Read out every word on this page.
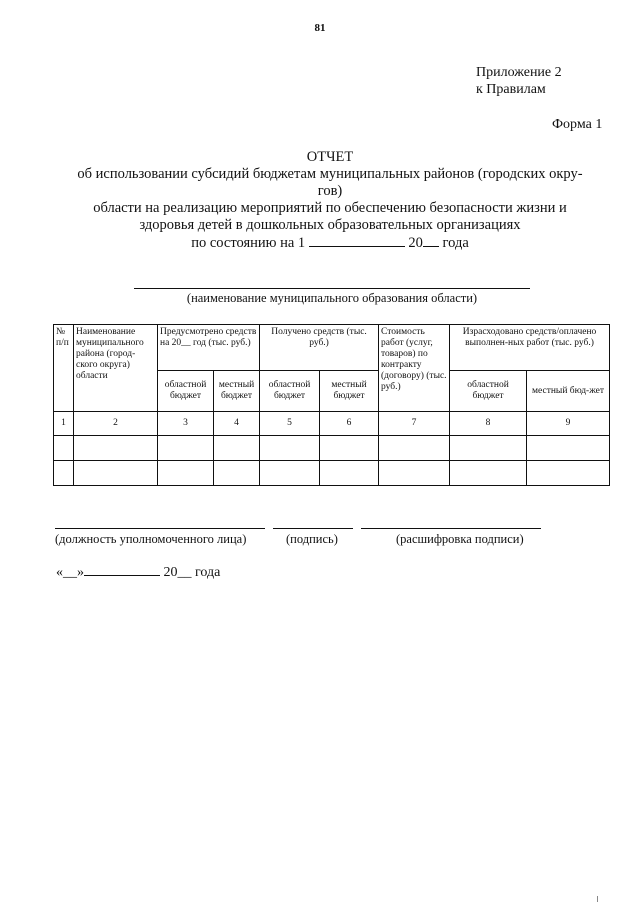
81
Приложение 2
к Правилам
Форма 1
ОТЧЕТ
об использовании субсидий бюджетам муниципальных районов (городских окру-
гов)
области на реализацию мероприятий по обеспечению безопасности жизни и
здоровья детей в дошкольных образовательных организациях
по состоянию на 1	20 года
(наименование муниципального образования области)
№ п/п	Наименование муниципального района (город-ского округа) области	Предусмотрено средств на 20__ год (тыс. руб.)		Получено средств (тыс. руб.)		Стоимость работ (услуг, товаров) по контракту (договору) (тыс. руб.)	Израсходовано средств/оплачено выполнен-ных работ (тыс. руб.)	
		областной бюджет	местный бюджет	областной бюджет	местный бюджет		областной бюджет	местный бюд-жет
1	2	3	4	5	6	7	8	9

(должность уполномоченного лица)	(подпись)	(расшифровка подписи)
«__»	20__ года
